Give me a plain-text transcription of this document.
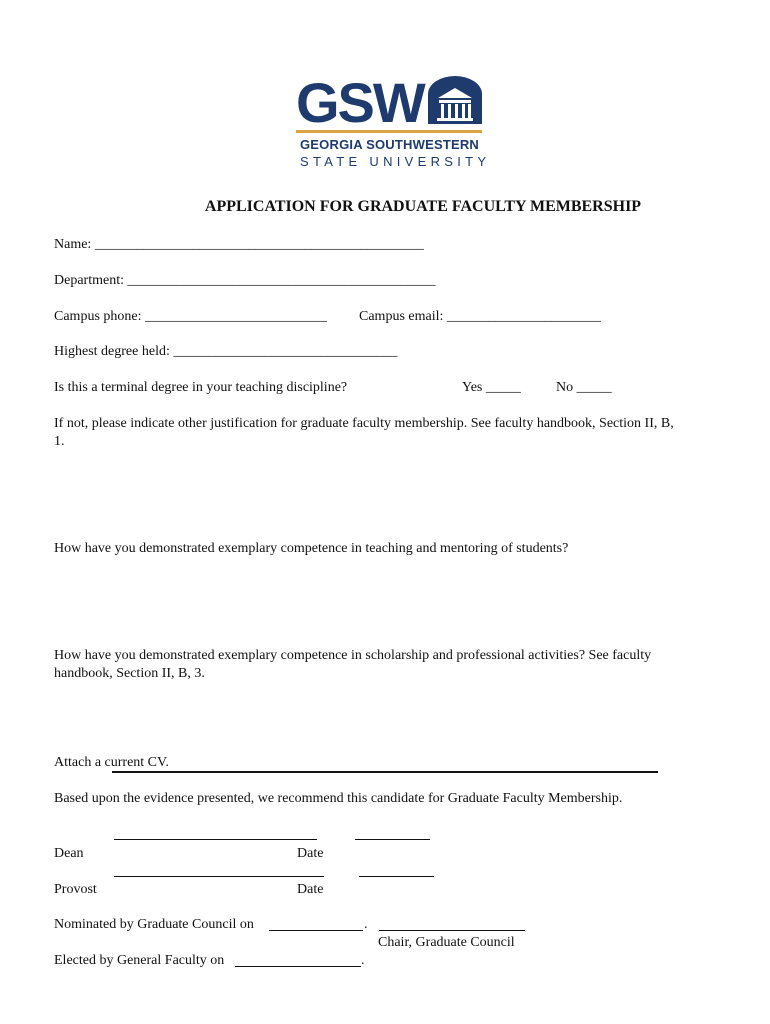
GSW
GEORGIA SOUTHWESTERN
STATE UNIVERSITY
APPLICATION FOR GRADUATE FACULTY MEMBERSHIP
Name: _______________________________________________
Department: ____________________________________________
Campus phone: __________________________ Campus email: ______________________
Highest degree held: ________________________________
Is this a terminal degree in your teaching discipline?	Yes _____	No _____
If not, please indicate other justification for graduate faculty membership. See faculty handbook, Section II, B,
1.
How have you demonstrated exemplary competence in teaching and mentoring of students?
How have you demonstrated exemplary competence in scholarship and professional activities? See faculty
handbook, Section II, B, 3.
Attach a current CV.
Based upon the evidence presented, we recommend this candidate for Graduate Faculty Membership.
Dean	Date
Provost	Date
Nominated by Graduate Council on	.
Chair, Graduate Council
Elected by General Faculty on	.
